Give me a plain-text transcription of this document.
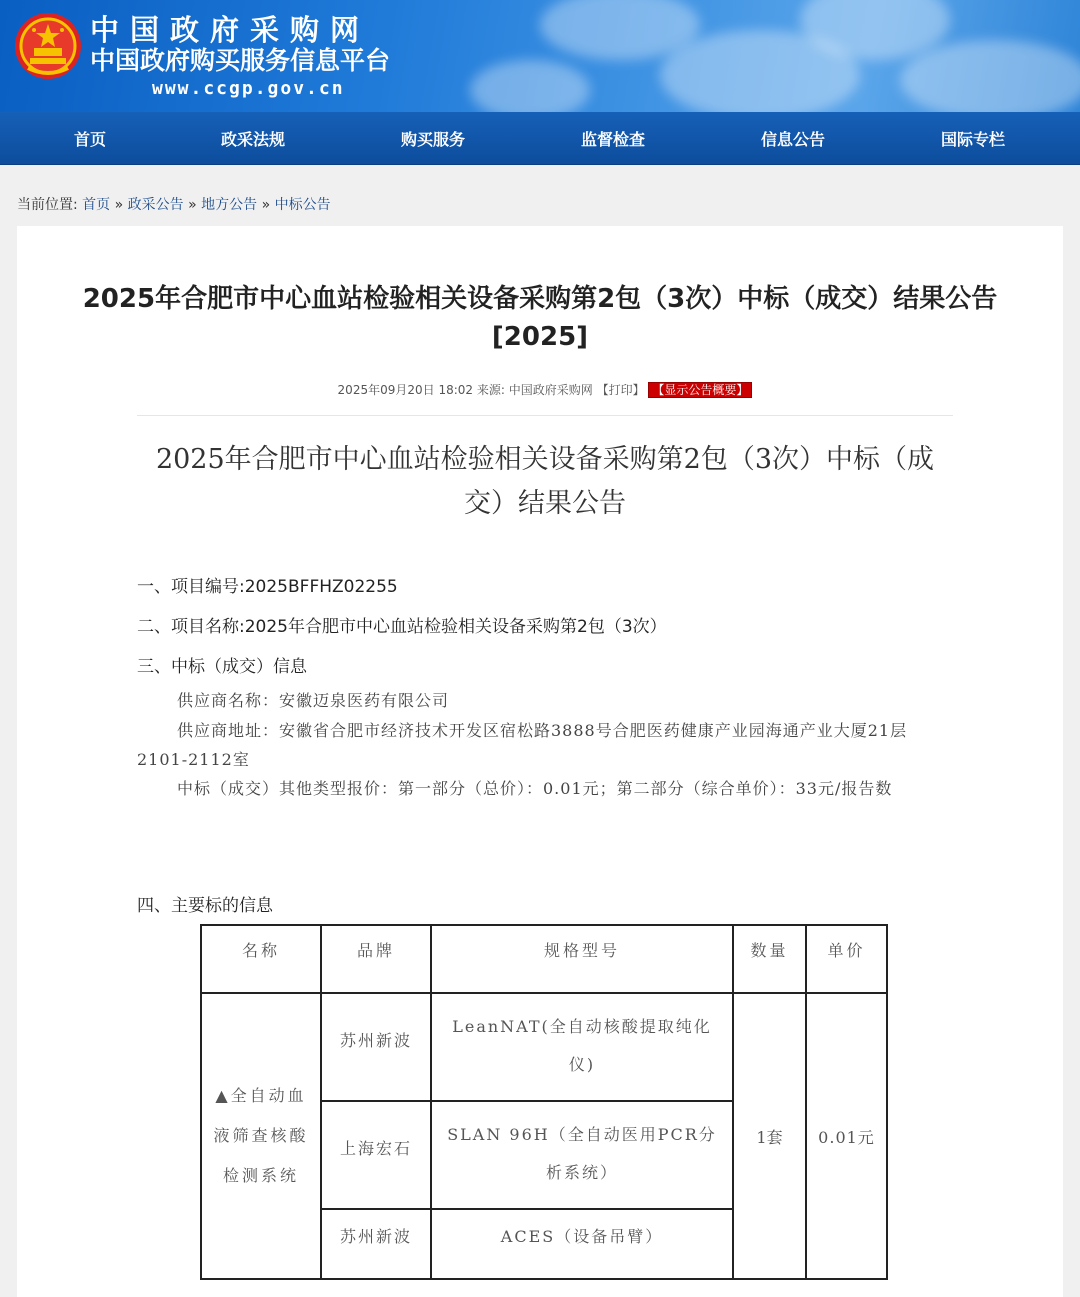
中国政府采购网
中国政府购买服务信息平台
www.ccgp.gov.cn
首页	政采法规	购买服务	监督检查	信息公告	国际专栏
当前位置: 首页 » 政采公告 » 地方公告 » 中标公告
2025年合肥市中心血站检验相关设备采购第2包（3次）中标（成交）结果公告[2025]
2025年09月20日 18:02 来源: 中国政府采购网 【打印】 【显示公告概要】
2025年合肥市中心血站检验相关设备采购第2包（3次）中标（成交）结果公告
一、项目编号:2025BFFHZ02255
二、项目名称:2025年合肥市中心血站检验相关设备采购第2包（3次）
三、中标（成交）信息
供应商名称：安徽迈泉医药有限公司
供应商地址：安徽省合肥市经济技术开发区宿松路3888号合肥医药健康产业园海通产业大厦21层2101-2112室
中标（成交）其他类型报价：第一部分（总价）：0.01元；第二部分（综合单价）：33元/报告数
四、主要标的信息
名称	品牌	规格型号	数量	单价
▲全自动血液筛查核酸检测系统	苏州新波	LeanNAT(全自动核酸提取纯化仪)	1套	0.01元
	上海宏石	SLAN 96H（全自动医用PCR分析系统）		
	苏州新波	ACES（设备吊臂）		
